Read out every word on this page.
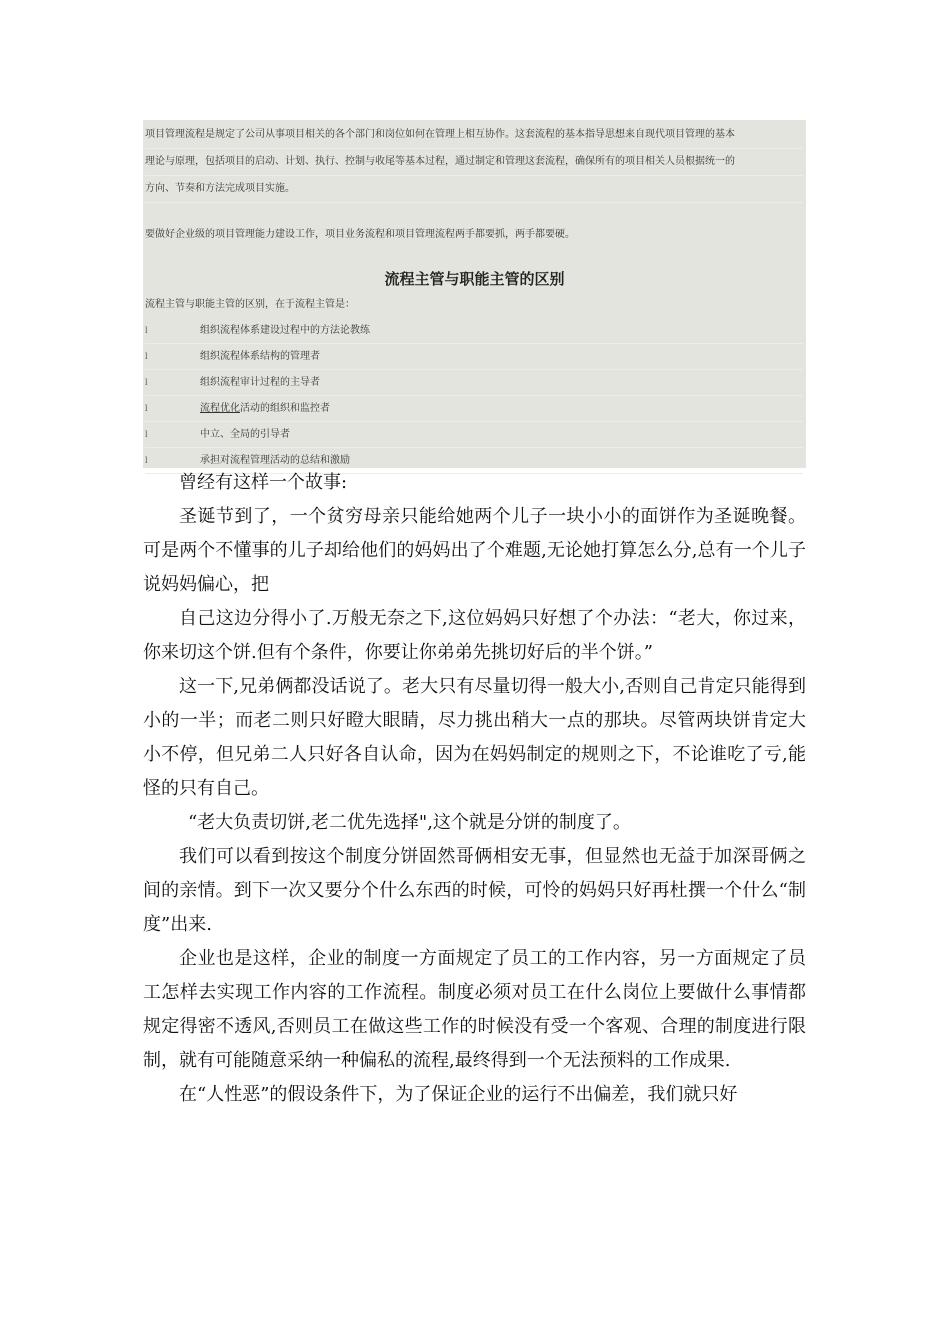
项目管理流程是规定了公司从事项目相关的各个部门和岗位如何在管理上相互协作。这套流程的基本指导思想来自现代项目管理的基本
理论与原理，包括项目的启动、计划、执行、控制与收尾等基本过程，通过制定和管理这套流程，确保所有的项目相关人员根据统一的
方向、节奏和方法完成项目实施。
要做好企业级的项目管理能力建设工作，项目业务流程和项目管理流程两手都要抓，两手都要硬。
流程主管与职能主管的区别
流程主管与职能主管的区别，在于流程主管是：
l	组织流程体系建设过程中的方法论教练
l	组织流程体系结构的管理者
l	组织流程审计过程的主导者
l	流程优化活动的组织和监控者
l	中立、全局的引导者
l	承担对流程管理活动的总结和激励

曾经有这样一个故事:

圣诞节到了，一个贫穷母亲只能给她两个儿子一块小小的面饼作为圣诞晚餐。可是两个不懂事的儿子却给他们的妈妈出了个难题,无论她打算怎么分,总有一个儿子说妈妈偏心，把

自己这边分得小了.万般无奈之下,这位妈妈只好想了个办法：“老大，你过来，你来切这个饼.但有个条件，你要让你弟弟先挑切好后的半个饼。”

这一下,兄弟俩都没话说了。老大只有尽量切得一般大小,否则自己肯定只能得到小的一半；而老二则只好瞪大眼睛，尽力挑出稍大一点的那块。尽管两块饼肯定大小不停，但兄弟二人只好各自认命，因为在妈妈制定的规则之下，不论谁吃了亏,能怪的只有自己。

“老大负责切饼,老二优先选择",这个就是分饼的制度了。

我们可以看到按这个制度分饼固然哥俩相安无事，但显然也无益于加深哥俩之间的亲情。到下一次又要分个什么东西的时候，可怜的妈妈只好再杜撰一个什么“制度”出来.

企业也是这样，企业的制度一方面规定了员工的工作内容，另一方面规定了员工怎样去实现工作内容的工作流程。制度必须对员工在什么岗位上要做什么事情都规定得密不透风,否则员工在做这些工作的时候没有受一个客观、合理的制度进行限制，就有可能随意采纳一种偏私的流程,最终得到一个无法预料的工作成果.

在“人性恶”的假设条件下，为了保证企业的运行不出偏差，我们就只好
